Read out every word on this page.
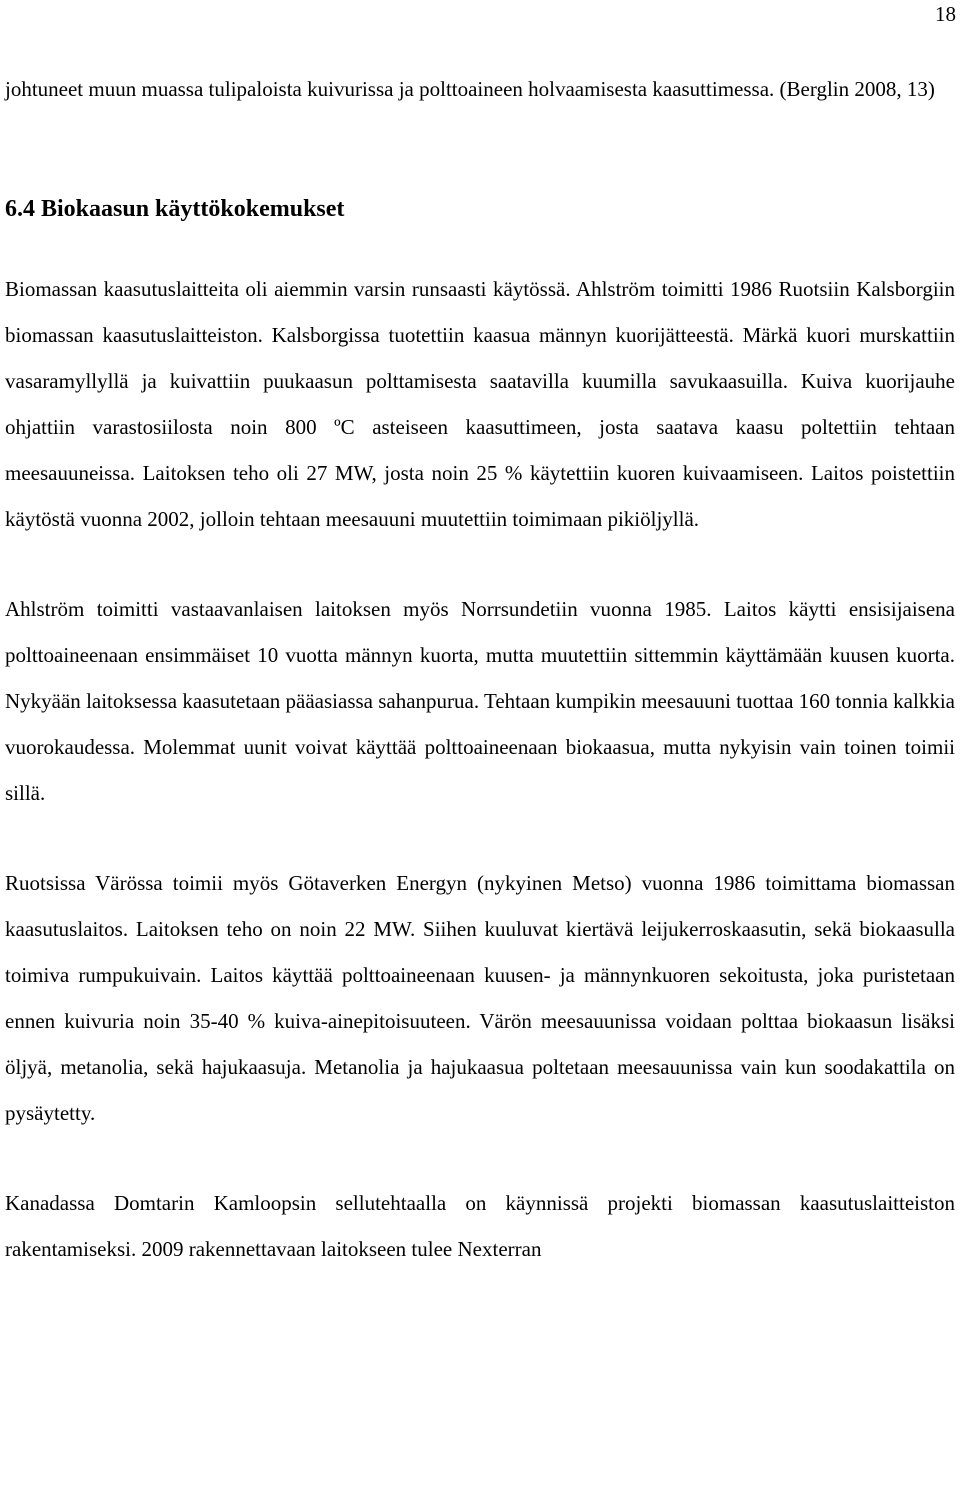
18

johtuneet muun muassa tulipaloista kuivurissa ja polttoaineen holvaamisesta kaasuttimessa. (Berglin 2008, 13)

6.4 Biokaasun käyttökokemukset

Biomassan kaasutuslaitteita oli aiemmin varsin runsaasti käytössä. Ahlström toimitti 1986 Ruotsiin Kalsborgiin biomassan kaasutuslaitteiston. Kalsborgissa tuotettiin kaasua männyn kuorijätteestä. Märkä kuori murskattiin vasaramyllyllä ja kuivattiin puukaasun polttamisesta saatavilla kuumilla savukaasuilla. Kuiva kuorijauhe ohjattiin varastosiilosta noin 800 ºC asteiseen kaasuttimeen, josta saatava kaasu poltettiin tehtaan meesauuneissa. Laitoksen teho oli 27 MW, josta noin 25 % käytettiin kuoren kuivaamiseen. Laitos poistettiin käytöstä vuonna 2002, jolloin tehtaan meesauuni muutettiin toimimaan pikiöljyllä.

Ahlström toimitti vastaavanlaisen laitoksen myös Norrsundetiin vuonna 1985. Laitos käytti ensisijaisena polttoaineenaan ensimmäiset 10 vuotta männyn kuorta, mutta muutettiin sittemmin käyttämään kuusen kuorta. Nykyään laitoksessa kaasutetaan pääasiassa sahanpurua. Tehtaan kumpikin meesauuni tuottaa 160 tonnia kalkkia vuorokaudessa. Molemmat uunit voivat käyttää polttoaineenaan biokaasua, mutta nykyisin vain toinen toimii sillä.

Ruotsissa Värössa toimii myös Götaverken Energyn (nykyinen Metso) vuonna 1986 toimittama biomassan kaasutuslaitos. Laitoksen teho on noin 22 MW. Siihen kuuluvat kiertävä leijukerroskaasutin, sekä biokaasulla toimiva rumpukuivain. Laitos käyttää polttoaineenaan kuusen- ja männynkuoren sekoitusta, joka puristetaan ennen kuivuria noin 35-40 % kuiva-ainepitoisuuteen. Värön meesauunissa voidaan polttaa biokaasun lisäksi öljyä, metanolia, sekä hajukaasuja. Metanolia ja hajukaasua poltetaan meesauunissa vain kun soodakattila on pysäytetty.

Kanadassa Domtarin Kamloopsin sellutehtaalla on käynnissä projekti biomassan kaasutuslaitteiston rakentamiseksi. 2009 rakennettavaan laitokseen tulee Nexterran
